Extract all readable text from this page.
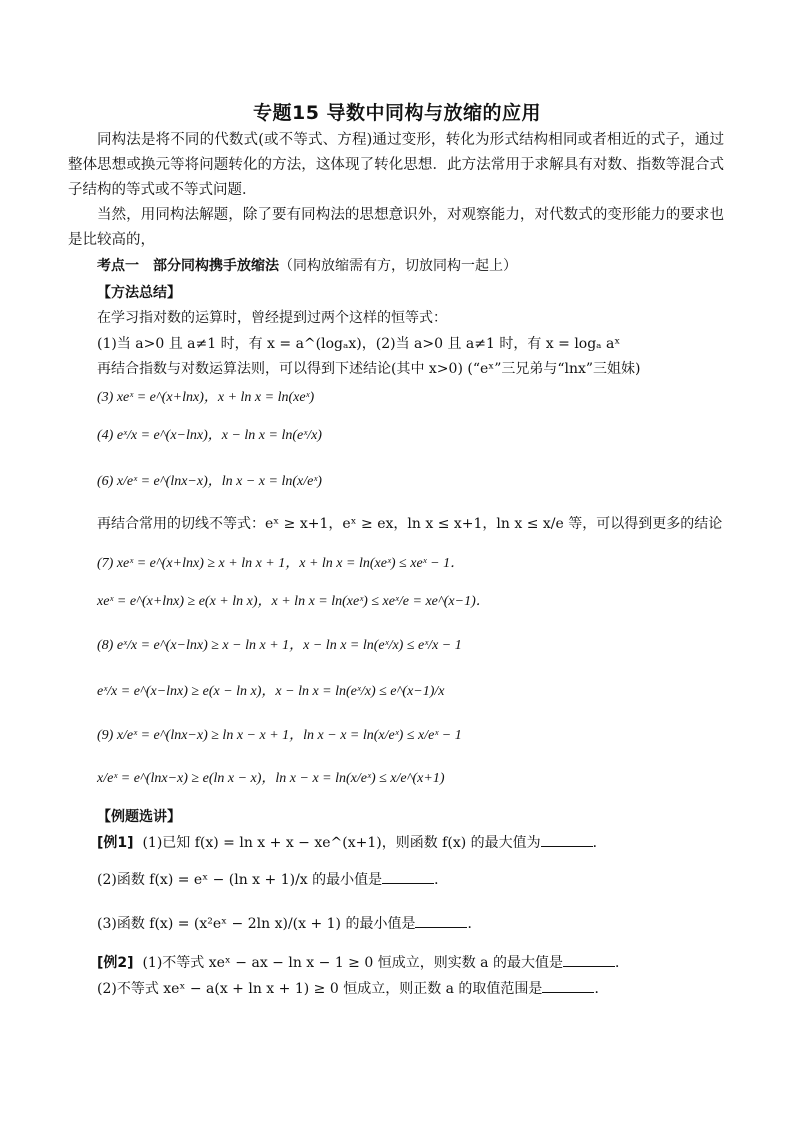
专题15 导数中同构与放缩的应用
同构法是将不同的代数式(或不等式、方程)通过变形，转化为形式结构相同或者相近的式子，通过整体思想或换元等将问题转化的方法，这体现了转化思想．此方法常用于求解具有对数、指数等混合式子结构的等式或不等式问题．
当然，用同构法解题，除了要有同构法的思想意识外，对观察能力，对代数式的变形能力的要求也是比较高的，
考点一　部分同构携手放缩法（同构放缩需有方，切放同构一起上）
【方法总结】
在学习指对数的运算时，曾经提到过两个这样的恒等式：
(1)当 a>0 且 a≠1 时，有 x = a^(logₐx)，(2)当 a>0 且 a≠1 时，有 x = logₐ aˣ
再结合指数与对数运算法则，可以得到下述结论(其中 x>0) (“eˣ”三兄弟与“lnx”三姐妹)
(3) xeˣ = e^(x+lnx)，x + ln x = ln(xeˣ)
(4) eˣ/x = e^(x−lnx)，x − ln x = ln(eˣ/x)
(6) x/eˣ = e^(lnx−x)，ln x − x = ln(x/eˣ)
再结合常用的切线不等式：eˣ ≥ x+1，eˣ ≥ ex，ln x ≤ x+1，ln x ≤ x/e 等，可以得到更多的结论
(7) xeˣ = e^(x+lnx) ≥ x + ln x + 1，x + ln x = ln(xeˣ) ≤ xeˣ − 1．
xeˣ = e^(x+lnx) ≥ e(x + ln x)，x + ln x = ln(xeˣ) ≤ xeˣ/e = xe^(x−1)．
(8) eˣ/x = e^(x−lnx) ≥ x − ln x + 1，x − ln x = ln(eˣ/x) ≤ eˣ/x − 1
eˣ/x = e^(x−lnx) ≥ e(x − ln x)，x − ln x = ln(eˣ/x) ≤ e^(x−1)/x
(9) x/eˣ = e^(lnx−x) ≥ ln x − x + 1，ln x − x = ln(x/eˣ) ≤ x/eˣ − 1
x/eˣ = e^(lnx−x) ≥ e(ln x − x)，ln x − x = ln(x/eˣ) ≤ x/e^(x+1)
【例题选讲】
[例1] (1)已知 f(x) = ln x + x − xe^(x+1)，则函数 f(x) 的最大值为	．
(2)函数 f(x) = eˣ − (ln x + 1)/x 的最小值是	．
(3)函数 f(x) = (x²eˣ − 2ln x)/(x + 1) 的最小值是	．
[例2] (1)不等式 xeˣ − ax − ln x − 1 ≥ 0 恒成立，则实数 a 的最大值是	．
(2)不等式 xeˣ − a(x + ln x + 1) ≥ 0 恒成立，则正数 a 的取值范围是	．
